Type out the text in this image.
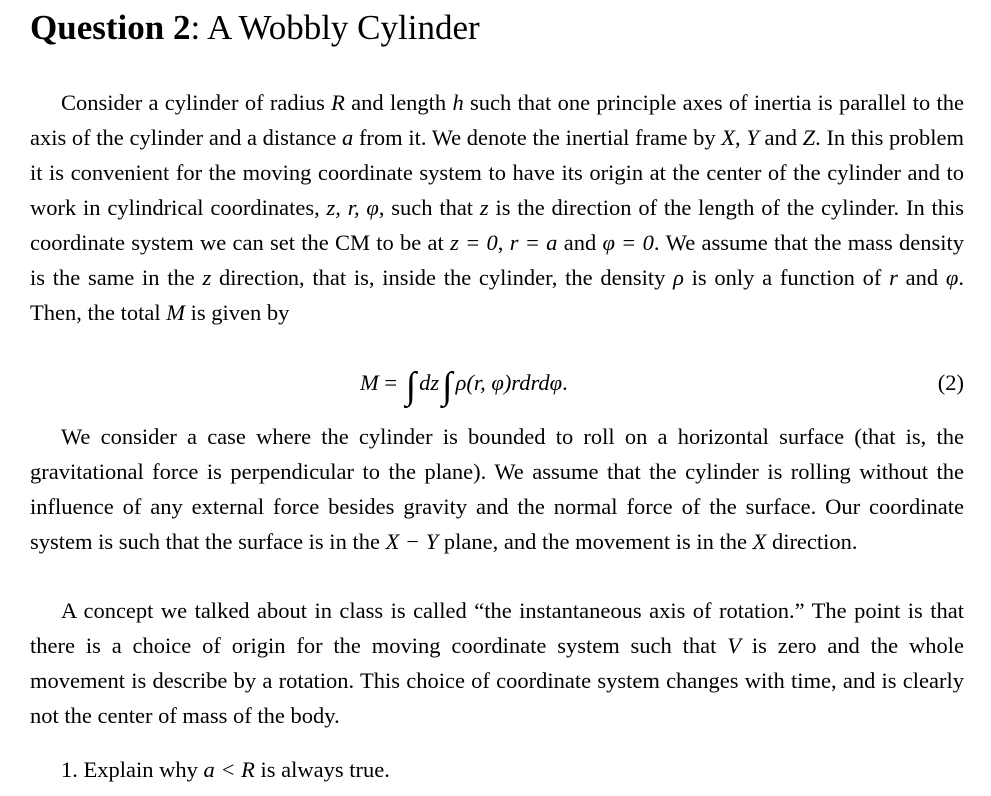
Question 2: A Wobbly Cylinder

Consider a cylinder of radius R and length h such that one principle axes of inertia is parallel to the axis of the cylinder and a distance a from it. We denote the inertial frame by X, Y and Z. In this problem it is convenient for the moving coordinate system to have its origin at the center of the cylinder and to work in cylindrical coordinates, z, r, φ, such that z is the direction of the length of the cylinder. In this coordinate system we can set the CM to be at z = 0, r = a and φ = 0. We assume that the mass density is the same in the z direction, that is, inside the cylinder, the density ρ is only a function of r and φ. Then, the total M is given by

M = ∫ dz∫ ρ(r, φ)rdrdφ.	(2)

We consider a case where the cylinder is bounded to roll on a horizontal surface (that is, the gravitational force is perpendicular to the plane). We assume that the cylinder is rolling without the influence of any external force besides gravity and the normal force of the surface. Our coordinate system is such that the surface is in the X − Y plane, and the movement is in the X direction.

A concept we talked about in class is called “the instantaneous axis of rotation.” The point is that there is a choice of origin for the moving coordinate system such that V is zero and the whole movement is describe by a rotation. This choice of coordinate system changes with time, and is clearly not the center of mass of the body.

1. Explain why a < R is always true.
